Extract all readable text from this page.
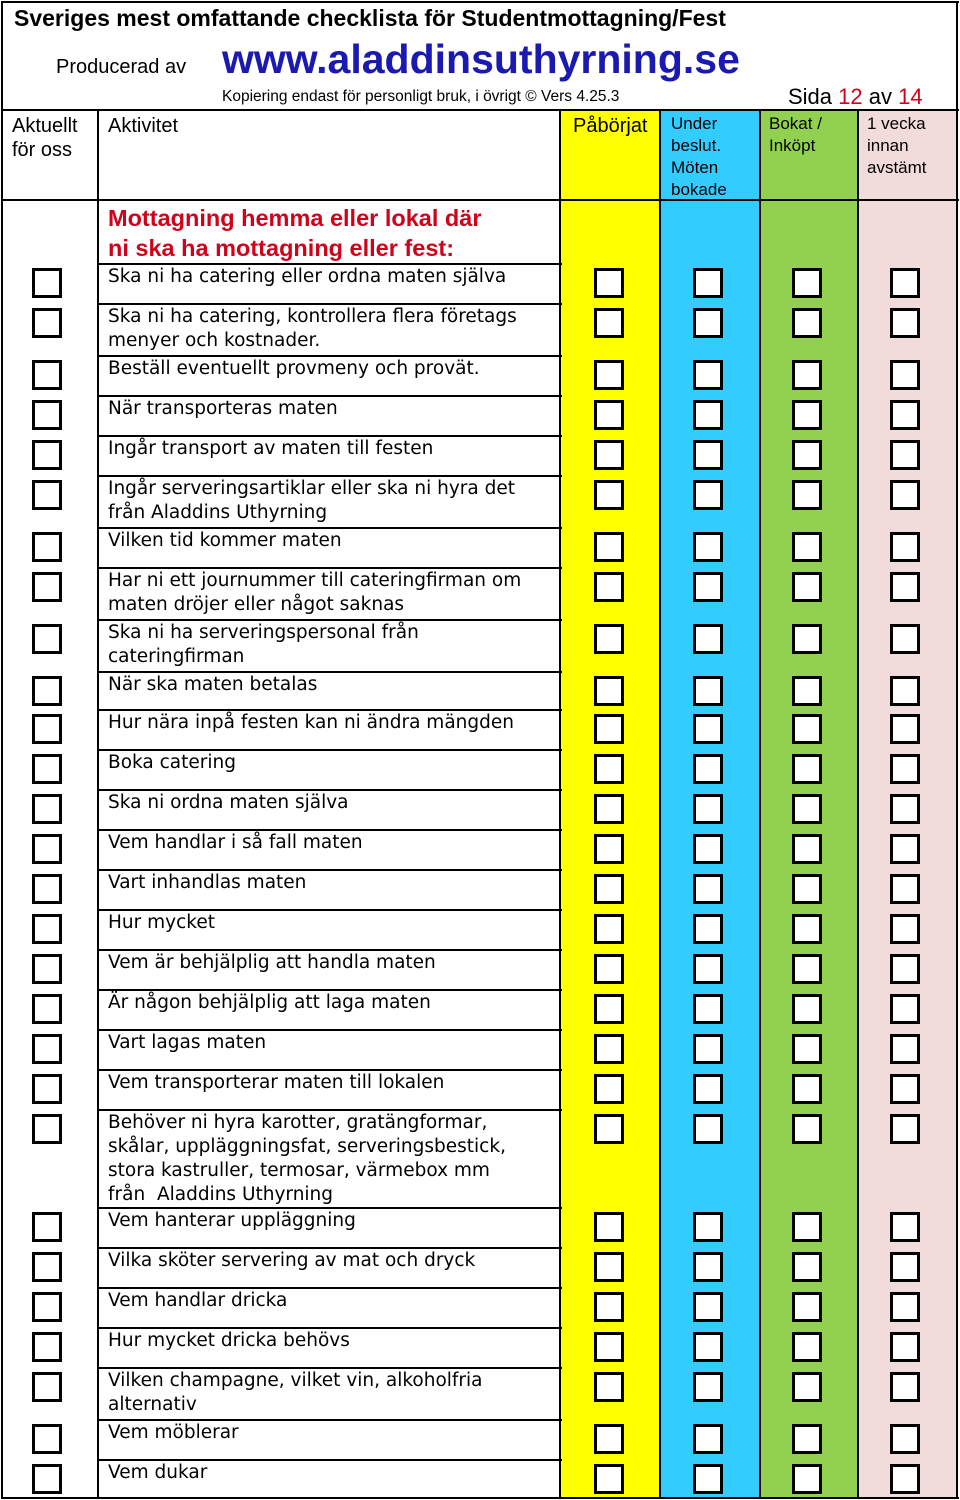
Sveriges mest omfattande checklista för Studentmottagning/Fest
Producerad av www.aladdinsuthyrning.se
Kopiering endast för personligt bruk, i övrigt © Vers 4.25.3	Sida 12 av 14
Aktuellt
för oss
Aktivitet	Påbörjat Under
beslut.
Möten
bokade
Bokat /
Inköpt
1 vecka
innan
avstämt
Mottagning hemma eller lokal där
ni ska ha mottagning eller fest:
Ska ni ha catering eller ordna maten själva
Ska ni ha catering, kontrollera flera företags
menyer och kostnader.
Beställ eventuellt provmeny och provät.
När transporteras maten
Ingår transport av maten till festen
Ingår serveringsartiklar eller ska ni hyra det
från Aladdins Uthyrning
Vilken tid kommer maten
Har ni ett journummer till cateringfirman om
maten dröjer eller något saknas
Ska ni ha serveringspersonal från
cateringfirman
När ska maten betalas
Hur nära inpå festen kan ni ändra mängden
Boka catering
Ska ni ordna maten själva
Vem handlar i så fall maten
Vart inhandlas maten
Hur mycket
Vem är behjälplig att handla maten
Är någon behjälplig att laga maten
Vart lagas maten
Vem transporterar maten till lokalen
Behöver ni hyra karotter, gratängformar,
skålar, uppläggningsfat, serveringsbestick,
stora kastruller, termosar, värmebox mm
från  Aladdins Uthyrning
Vem hanterar uppläggning
Vilka sköter servering av mat och dryck
Vem handlar dricka
Hur mycket dricka behövs
Vilken champagne, vilket vin, alkoholfria
alternativ
Vem möblerar
Vem dukar
